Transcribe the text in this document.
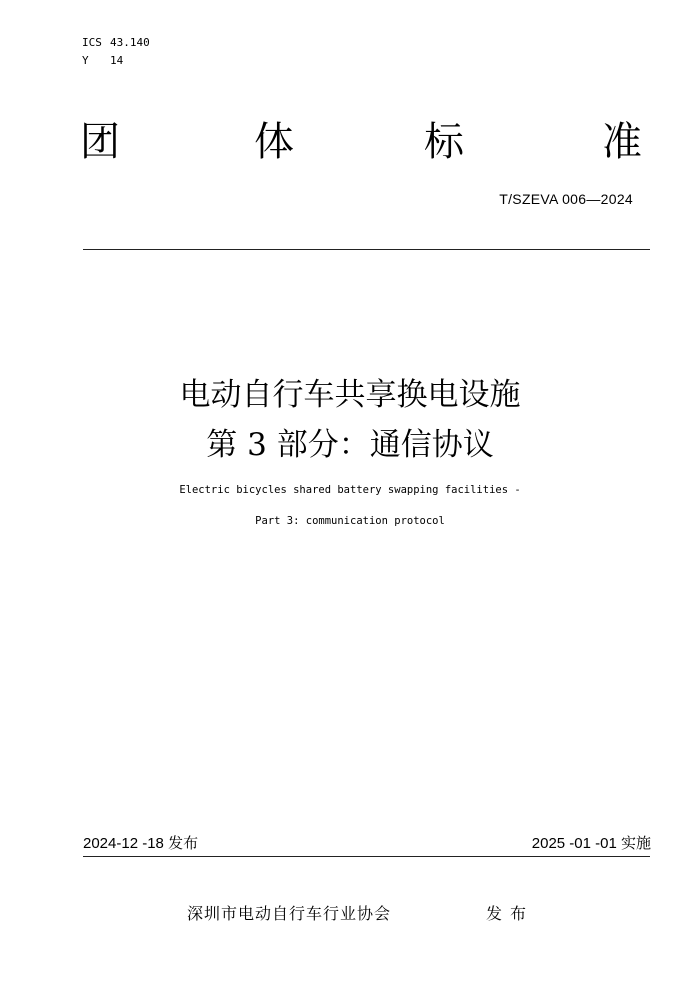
ICS 43.140
Y 14
团	体	标	准
T/SZEVA 006—2024
电动自行车共享换电设施
第 3 部分：通信协议
Electric bicycles shared battery swapping facilities -
Part 3: communication protocol
2024-12 -18 发布	2025 -01 -01 实施
深圳市电动自行车行业协会	发布
